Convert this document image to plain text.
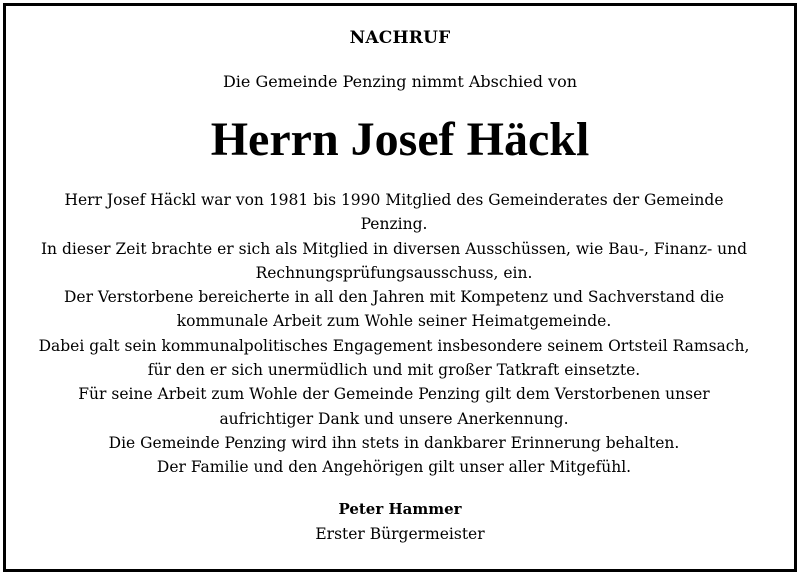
NACHRUF
Die Gemeinde Penzing nimmt Abschied von
Herrn Josef Häckl

Herr Josef Häckl war von 1981 bis 1990 Mitglied des Gemeinderates der Gemeinde Penzing.

In dieser Zeit brachte er sich als Mitglied in diversen Ausschüssen, wie Bau-, Finanz- und Rechnungsprüfungsausschuss, ein.

Der Verstorbene bereicherte in all den Jahren mit Kompetenz und Sachverstand die kommunale Arbeit zum Wohle seiner Heimatgemeinde.

Dabei galt sein kommunalpolitisches Engagement insbesondere seinem Ortsteil Ramsach, für den er sich unermüdlich und mit großer Tatkraft einsetzte.

Für seine Arbeit zum Wohle der Gemeinde Penzing gilt dem Verstorbenen unser aufrichtiger Dank und unsere Anerkennung.

Die Gemeinde Penzing wird ihn stets in dankbarer Erinnerung behalten.

Der Familie und den Angehörigen gilt unser aller Mitgefühl.

Peter Hammer
Erster Bürgermeister
